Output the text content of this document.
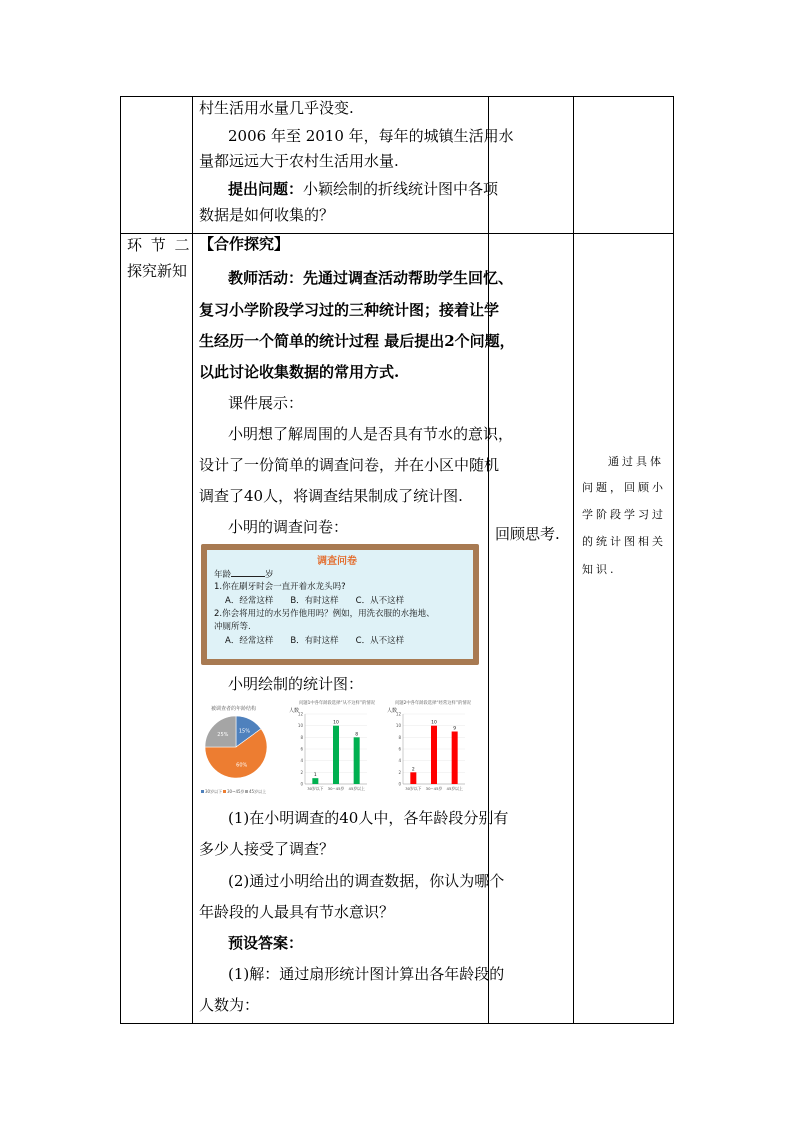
环 节 二
探究新知
村生活用水量几乎没变.
2006 年至 2010 年，每年的城镇生活用水
量都远远大于农村生活用水量.
提出问题：小颖绘制的折线统计图中各项
数据是如何收集的？
【合作探究】
教师活动：先通过调查活动帮助学生回忆、
复习小学阶段学习过的三种统计图；接着让学
生经历一个简单的统计过程 最后提出2个问题，
以此讨论收集数据的常用方式.
课件展示：
小明想了解周围的人是否具有节水的意识，
设计了一份简单的调查问卷，并在小区中随机
调查了40人，将调查结果制成了统计图.
小明的调查问卷：
调查问卷
年龄	岁
1.你在刷牙时会一直开着水龙头吗?
A．经常这样　　B．有时这样　　C．从不这样
2.你会将用过的水另作他用吗？例如，用洗衣服的水拖地、
冲厕所等.
A．经常这样　　B．有时这样　　C．从不这样
小明绘制的统计图：
被调查者的年龄结构
15%
60%
25%
30岁以下 30~45岁 45岁以上
问题1中各年龄段选择“从不这样”的情况
人数
0
2
4
6
8
10
12
1
30岁以下
10
30~45岁
8
45岁以上
问题2中各年龄段选择“经常这样”的情况
人数
0
2
4
6
8
10
12
2
30岁以下
10
30~45岁
9
45岁以上
(1)在小明调查的40人中，各年龄段分别有
多少人接受了调查？
(2)通过小明给出的调查数据，你认为哪个
年龄段的人最具有节水意识？
预设答案：
(1)解：通过扇形统计图计算出各年龄段的
人数为：
回顾思考.
通过具体
问题，回顾小
学阶段学习过
的统计图相关
知识.
